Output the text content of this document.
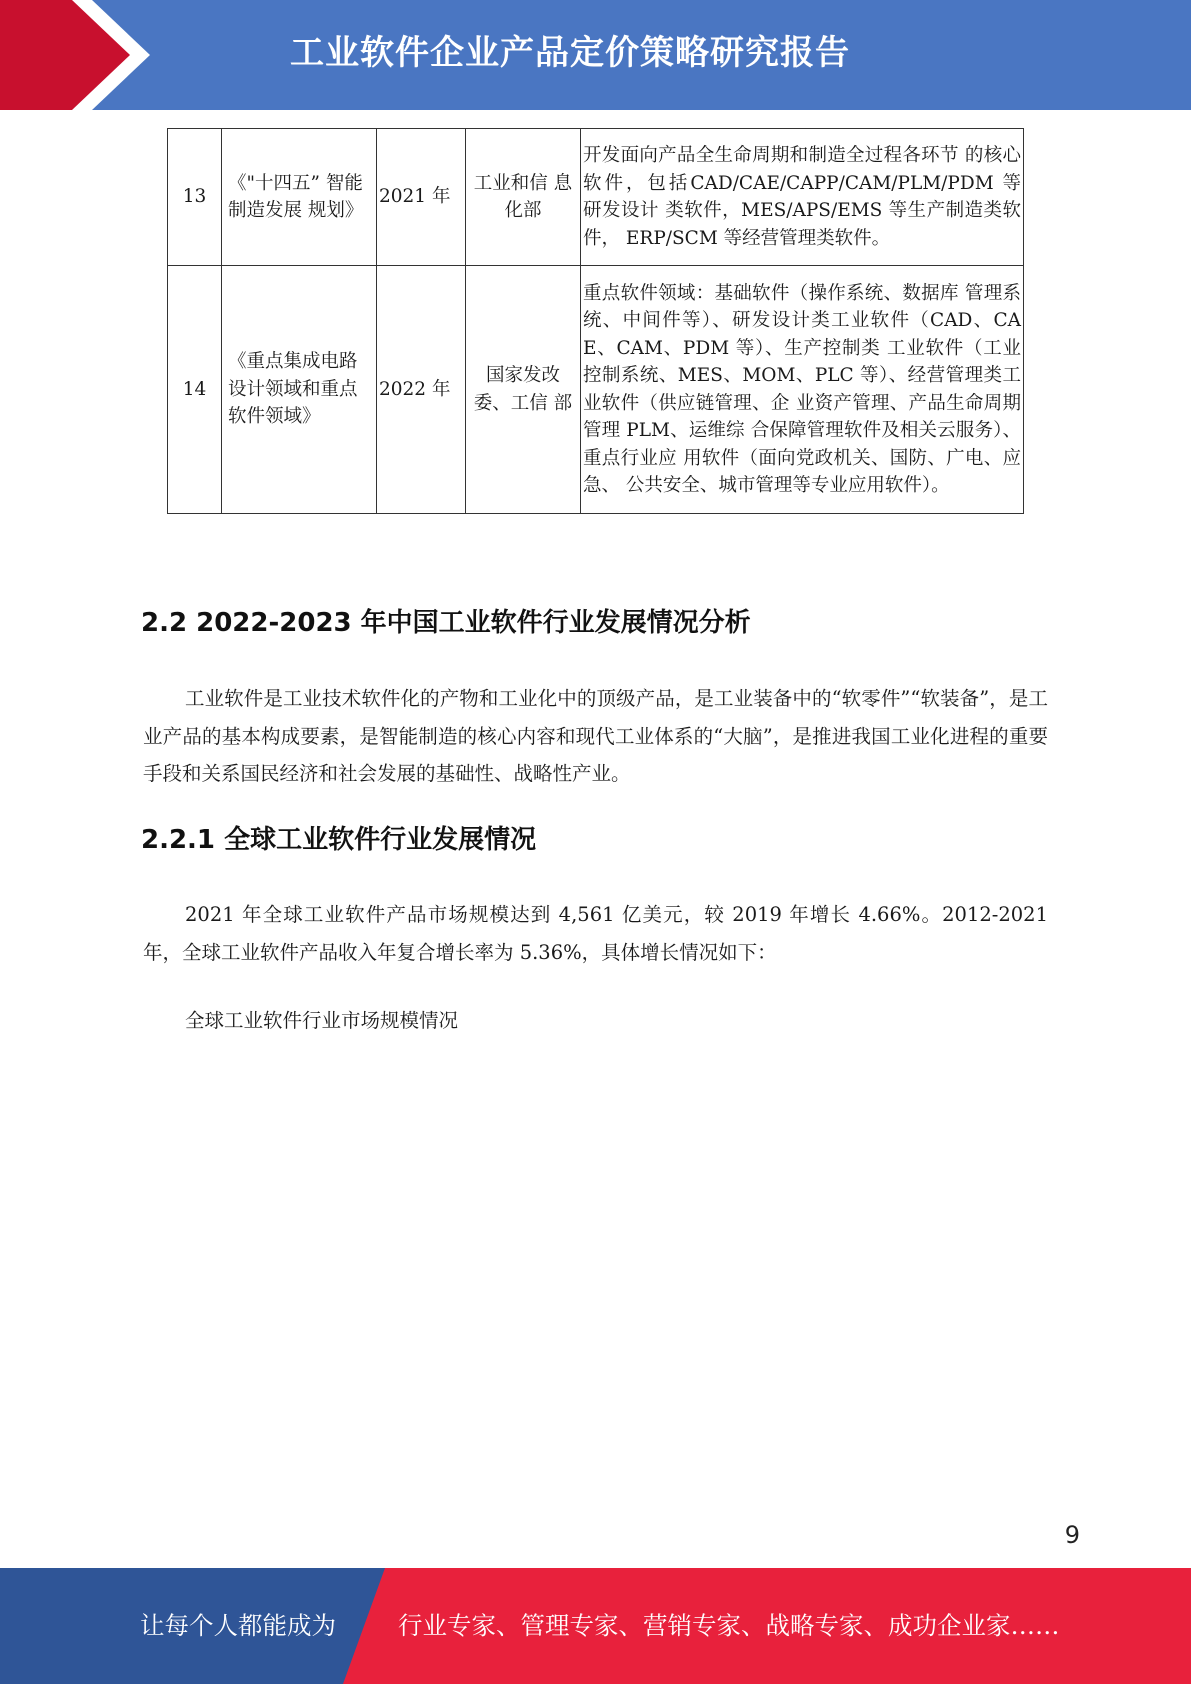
工业软件企业产品定价策略研究报告
13	《"十四五” 智能制造发展 规划》	2021 年	工业和信 息化部	开发面向产品全生命周期和制造全过程各环节 的核心软件，包括CAD/CAE/CAPP/CAM/PLM/PDM 等研发设计 类软件，MES/APS/EMS 等生产制造类软件， ERP/SCM 等经营管理类软件。
14	《重点集成电路设计领域和重点软件领域》	2022 年	国家发改委、工信 部	重点软件领域：基础软件（操作系统、数据库 管理系统、中间件等）、研发设计类工业软件（CAD、CAE、CAM、PDM 等）、生产控制类 工业软件（工业控制系统、MES、MOM、PLC 等）、经营管理类工业软件（供应链管理、企 业资产管理、产品生命周期管理 PLM、运维综 合保障管理软件及相关云服务）、重点行业应 用软件（面向党政机关、国防、广电、应急、 公共安全、城市管理等专业应用软件）。
2.2 2022-2023 年中国工业软件行业发展情况分析

工业软件是工业技术软件化的产物和工业化中的顶级产品，是工业装备中的“软零件”“软装备”，是工业产品的基本构成要素，是智能制造的核心内容和现代工业体系的“大脑”，是推进我国工业化进程的重要手段和关系国民经济和社会发展的基础性、战略性产业。

2.2.1 全球工业软件行业发展情况

2021 年全球工业软件产品市场规模达到 4,561 亿美元，较 2019 年增长 4.66%。2012-2021 年，全球工业软件产品收入年复合增长率为 5.36%，具体增长情况如下：

全球工业软件行业市场规模情况
9
让每个人都能成为	行业专家、管理专家、营销专家、战略专家、成功企业家……
